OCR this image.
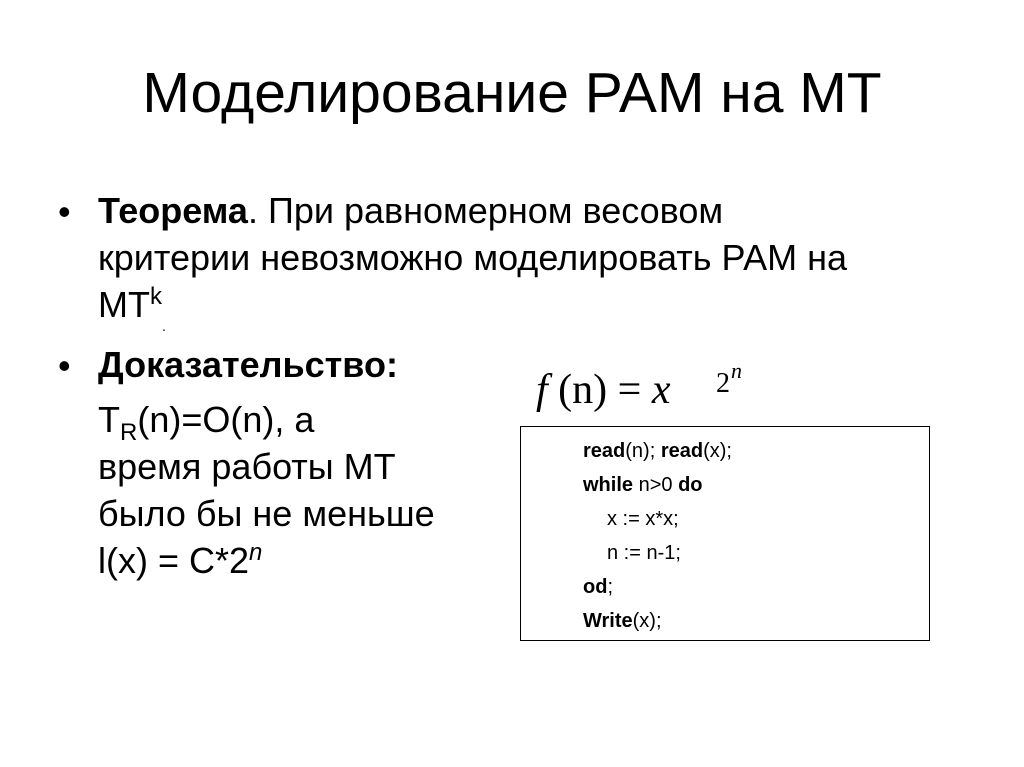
Моделирование РАМ на МТ
• Теорема. При равномерном весовом
критерии невозможно моделировать РАМ на
$МТ^k_.$
• Доказательство:
$T_R(n)=O(n)$, а
время работы МТ
было бы не меньше
$l(x) = C*2^n$
f (n) = x 2$^n$
read(n); read(x);
while n>0 do
x := x*x;
n := n-1;
od;
Write(x);
